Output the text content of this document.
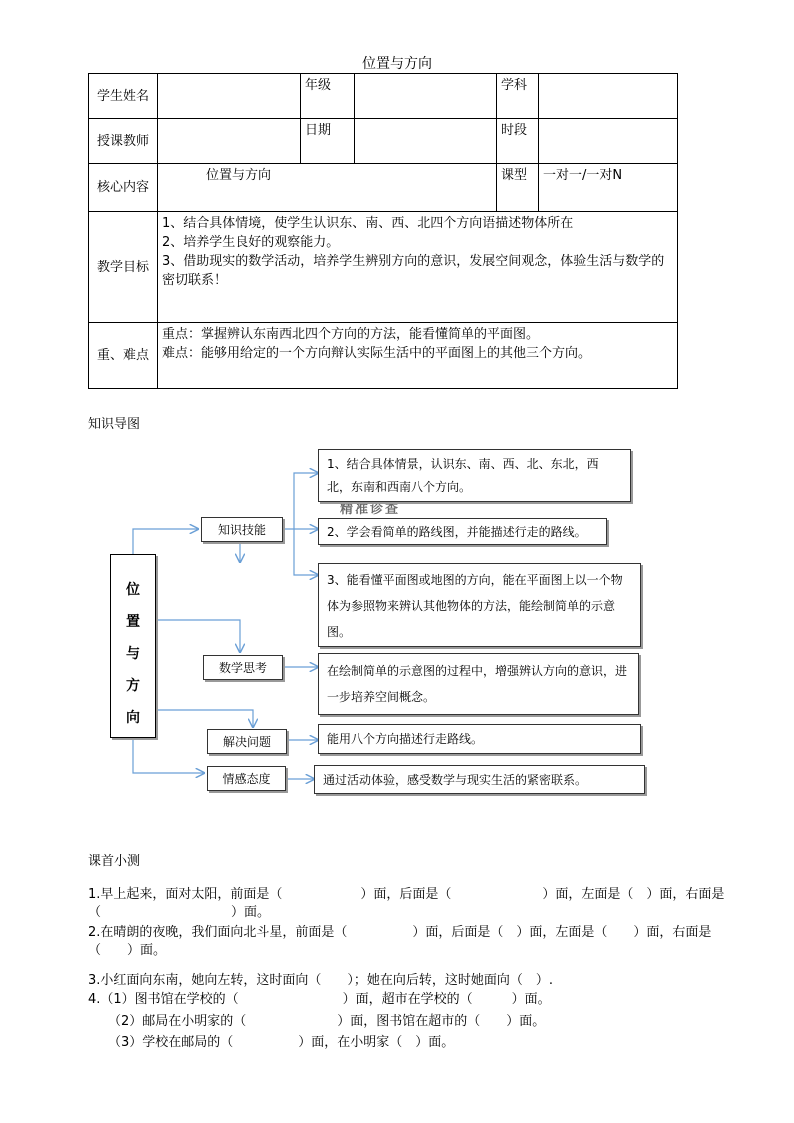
位置与方向
学生姓名		年级		学科	
授课教师		日期		时段	
核心内容	位置与方向			课型	一对一/一对N
教学目标	1、结合具体情境，使学生认识东、南、西、北四个方向语描述物体所在
2、培养学生良好的观察能力。
3、借助现实的数学活动，培养学生辨别方向的意识，发展空间观念，体验生活与数学的密切联系！				

重、难点	重点：掌握辨认东南西北四个方向的方法，能看懂简单的平面图。
难点：能够用给定的一个方向辩认实际生活中的平面图上的其他三个方向。				
知识导图
精准诊查
位
置
与
方
向
知识技能
数学思考
解决问题
情感态度
1、结合具体情景，认识东、南、西、北、东北，西北，东南和西南八个方向。
2、学会看简单的路线图，并能描述行走的路线。
3、能看懂平面图或地图的方向，能在平面图上以一个物体为参照物来辨认其他物体的方法，能绘制简单的示意图。
在绘制简单的示意图的过程中，增强辨认方向的意识，进一步培养空间概念。
能用八个方向描述行走路线。
通过活动体验，感受数学与现实生活的紧密联系。
课首小测
1.早上起来，面对太阳，前面是（　　　　　　）面，后面是（　　　　　　　）面，左面是（　）面，右面是（　　　　　　　　　　）面。
2.在晴朗的夜晚，我们面向北斗星，前面是（　　　　　）面，后面是（　）面，左面是（　　）面，右面是（　　）面。
3.小红面向东南，她向左转，这时面向（　　）；她在向后转，这时她面向（　）.
4.（1）图书馆在学校的（　　　　　　　　）面，超市在学校的（　　　）面。
（2）邮局在小明家的（　　　　　　　）面，图书馆在超市的（　　）面。
（3）学校在邮局的（　　　　　）面，在小明家（　）面。
